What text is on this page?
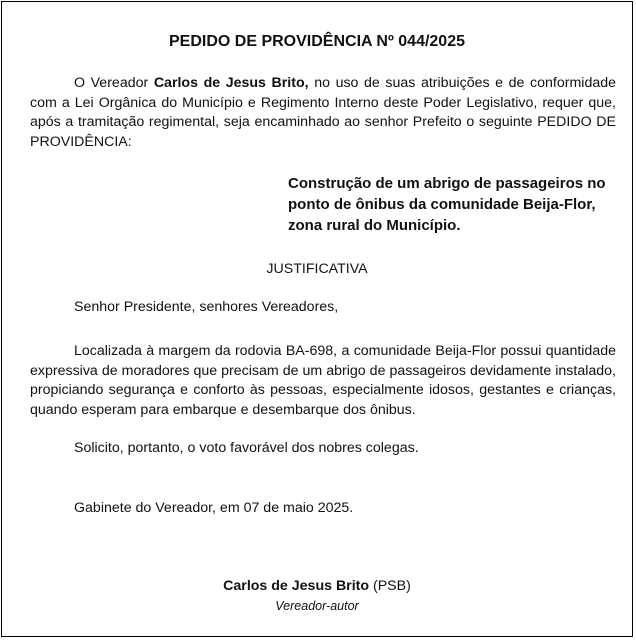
PEDIDO DE PROVIDÊNCIA Nº 044/2025
O Vereador Carlos de Jesus Brito, no uso de suas atribuições e de conformidade com a Lei Orgânica do Município e Regimento Interno deste Poder Legislativo, requer que, após a tramitação regimental, seja encaminhado ao senhor Prefeito o seguinte PEDIDO DE PROVIDÊNCIA:
Construção de um abrigo de passageiros no ponto de ônibus da comunidade Beija-Flor, zona rural do Município.
JUSTIFICATIVA
Senhor Presidente, senhores Vereadores,
Localizada à margem da rodovia BA-698, a comunidade Beija-Flor possui quantidade expressiva de moradores que precisam de um abrigo de passageiros devidamente instalado, propiciando segurança e conforto às pessoas, especialmente idosos, gestantes e crianças, quando esperam para embarque e desembarque dos ônibus.
Solicito, portanto, o voto favorável dos nobres colegas.
Gabinete do Vereador, em 07 de maio 2025.
Carlos de Jesus Brito (PSB)
Vereador-autor
